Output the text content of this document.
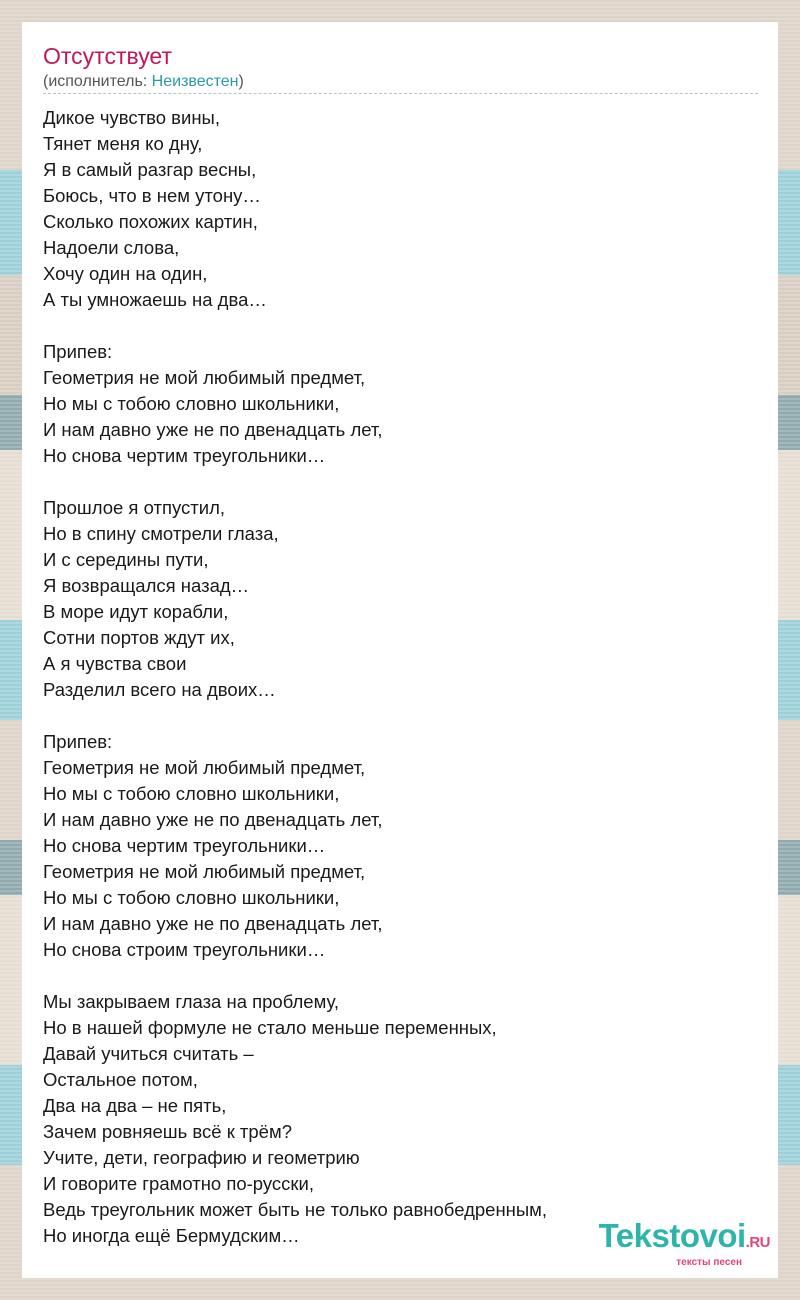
Отсутствует
(исполнитель: Неизвестен)
Дикое чувство вины,
Тянет меня ко дну,
Я в самый разгар весны,
Боюсь, что в нем утону…
Сколько похожих картин,
Надоели слова,
Хочу один на один,
А ты умножаешь на два…
Припев:
Геометрия не мой любимый предмет,
Но мы с тобою словно школьники,
И нам давно уже не по двенадцать лет,
Но снова чертим треугольники…
Прошлое я отпустил,
Но в спину смотрели глаза,
И с середины пути,
Я возвращался назад…
В море идут корабли,
Сотни портов ждут их,
А я чувства свои
Разделил всего на двоих…
Припев:
Геометрия не мой любимый предмет,
Но мы с тобою словно школьники,
И нам давно уже не по двенадцать лет,
Но снова чертим треугольники…
Геометрия не мой любимый предмет,
Но мы с тобою словно школьники,
И нам давно уже не по двенадцать лет,
Но снова строим треугольники…
Мы закрываем глаза на проблему,
Но в нашей формуле не стало меньше переменных,
Давай учиться считать –
Остальное потом,
Два на два – не пять,
Зачем ровняешь всё к трём?
Учите, дети, географию и геометрию
И говорите грамотно по-русски,
Ведь треугольник может быть не только равнобедренным,
Но иногда ещё Бермудским…	Tekstovoi.RU
тексты песен
